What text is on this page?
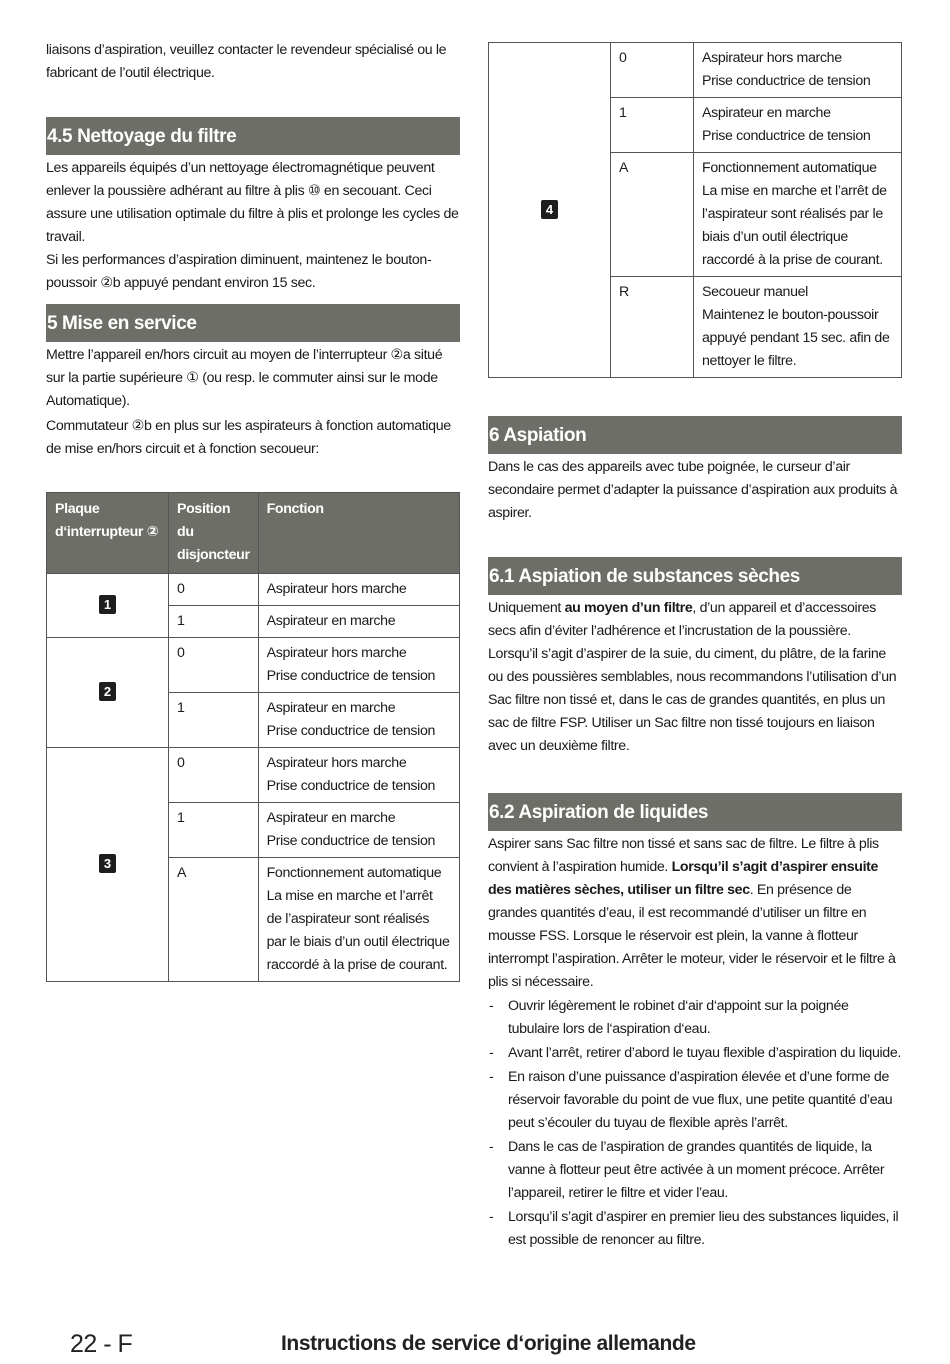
liaisons d’aspiration, veuillez contacter le revendeur spécialisé ou le fabricant de l’outil électrique.

4.5 Nettoyage du filtre

Les appareils équipés d’un nettoyage électromagnétique peuvent enlever la poussière adhérant au filtre à plis ⑩ en secouant. Ceci assure une utilisation optimale du filtre à plis et prolonge les cycles de travail.

Si les performances d’aspiration diminuent, maintenez le bouton-poussoir ②b appuyé pendant environ 15 sec.

5 Mise en service

Mettre l’appareil en/hors circuit au moyen de l’interrupteur ②a situé sur la partie supérieure ① (ou resp. le commuter ainsi sur le mode Automatique).

Commutateur ②b en plus sur les aspirateurs à fonction automatique de mise en/hors circuit et à fonction secoueur:

Plaque d‘interrupteur ②	Position du disjoncteur	Fonction
1	0	Aspirateur hors marche

	1	Aspirateur en marche

2	0	Aspirateur hors marche
Prise conductrice de tension

	1	Aspirateur en marche
Prise conductrice de tension

3	0	Aspirateur hors marche
Prise conductrice de tension

	1	Aspirateur en marche
Prise conductrice de tension

	A	Fonctionnement automatique
La mise en marche et l’arrêt de l’aspirateur sont réalisés par le biais d’un outil électrique raccordé à la prise de courant.
4	0	Aspirateur hors marche
Prise conductrice de tension

	1	Aspirateur en marche
Prise conductrice de tension

	A	Fonctionnement automatique
La mise en marche et l’arrêt de l’aspirateur sont réalisés par le biais d’un outil électrique raccordé à la prise de courant.

	R	Secoueur manuel
Maintenez le bouton-poussoir appuyé pendant 15 sec. afin de nettoyer le filtre.
6 Aspiation

Dans le cas des appareils avec tube poignée, le curseur d’air secondaire permet d’adapter la puissance d’aspiration aux produits à aspirer.

6.1 Aspiation de substances sèches

Uniquement au moyen d’un filtre, d’un appareil et d’accessoires secs afin d’éviter l’adhérence et l’incrustation de la poussière.

Lorsqu’il s’agit d’aspirer de la suie, du ciment, du plâtre, de la farine ou des poussières semblables, nous recommandons l’utilisation d’un Sac filtre non tissé et, dans le cas de grandes quantités, en plus un sac de filtre FSP. Utiliser un Sac filtre non tissé toujours en liaison avec un deuxième filtre.

6.2 Aspiration de liquides

Aspirer sans Sac filtre non tissé et sans sac de filtre. Le filtre à plis convient à l’aspiration humide. Lorsqu’il s’agit d’aspirer ensuite des matières sèches, utiliser un filtre sec. En présence de grandes quantités d’eau, il est recommandé d’utiliser un filtre en mousse FSS. Lorsque le réservoir est plein, la vanne à flotteur interrompt l’aspiration. Arrêter le moteur, vider le réservoir et le filtre à plis si nécessaire.

- Ouvrir légèrement le robinet d‘air d‘appoint sur la poignée tubulaire lors de l‘aspiration d‘eau.
- Avant l’arrêt, retirer d’abord le tuyau flexible d’aspiration du liquide.
- En raison d’une puissance d’aspiration élevée et d’une forme de réservoir favorable du point de vue flux, une petite quantité d’eau peut s’écouler du tuyau de flexible après l’arrêt.
- Dans le cas de l’aspiration de grandes quantités de liquide, la vanne à flotteur peut être activée à un moment précoce. Arrêter l’appareil, retirer le filtre et vider l’eau.
- Lorsqu’il s’agit d’aspirer en premier lieu des substances liquides, il est possible de renoncer au filtre.
22 - F	Instructions de service d‘origine allemande
